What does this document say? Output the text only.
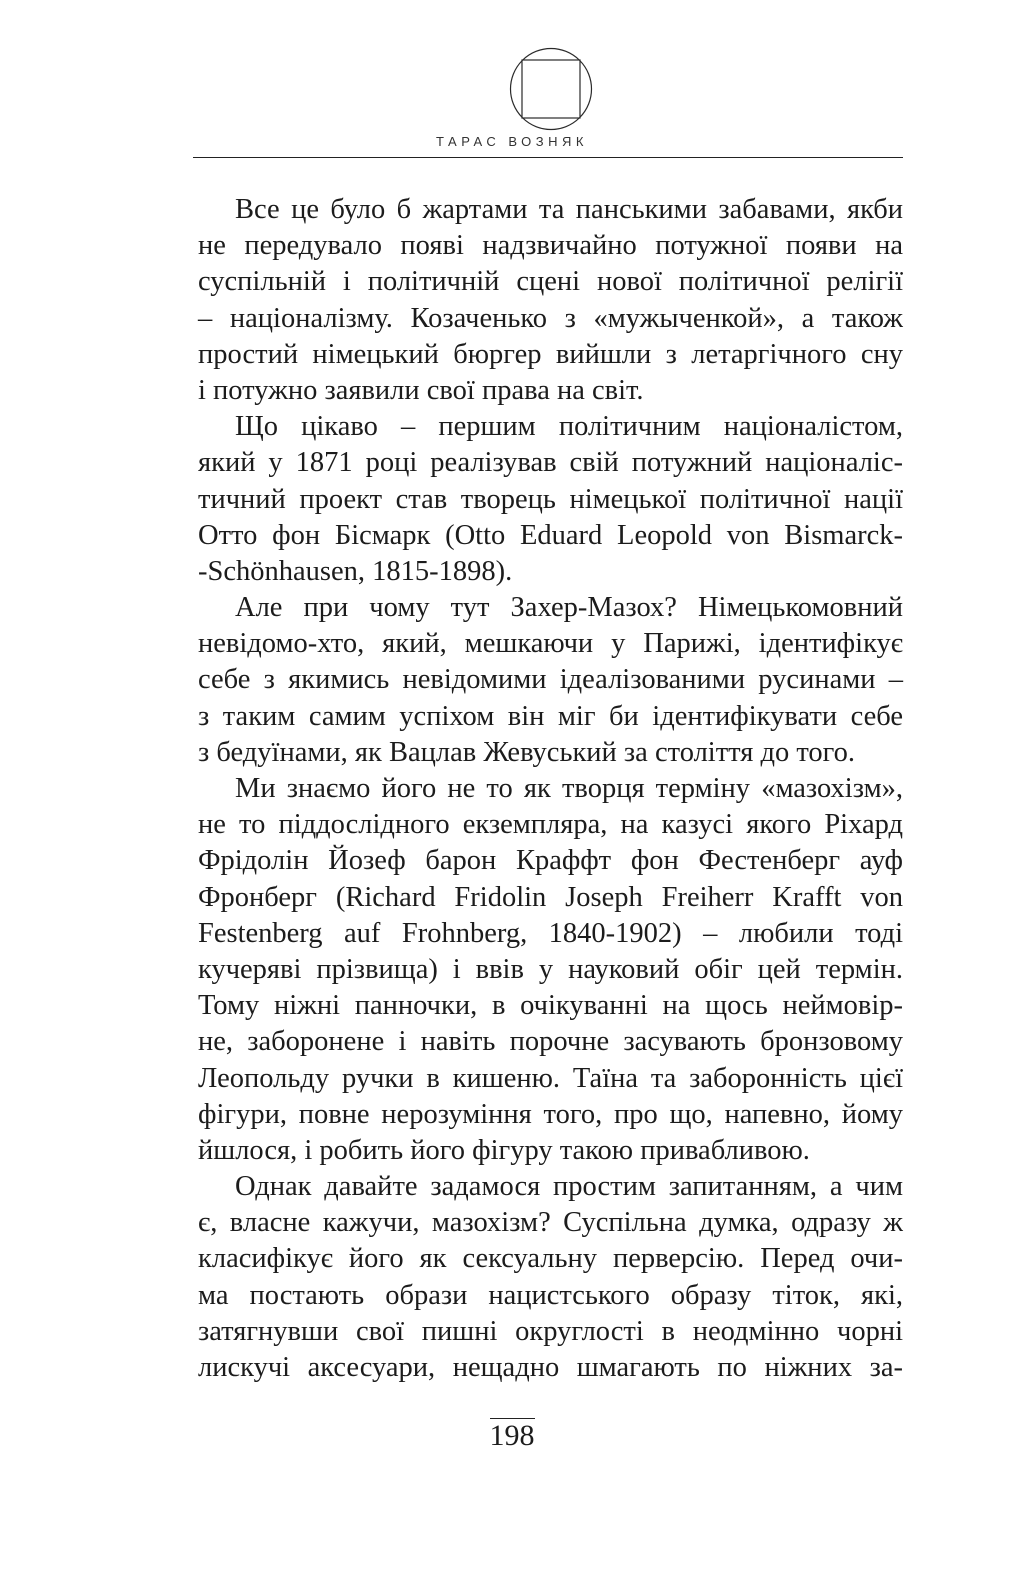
ТАРАС ВОЗНЯК
Все це було б жартами та панськими забавами, якби
не передувало появі надзвичайно потужної появи на
суспільній і політичній сцені нової політичної релігії
– націоналізму. Козаченько з «мужыченкой», а також
простий німецький бюргер вийшли з летаргічного сну
і потужно заявили свої права на світ.
Що цікаво – першим політичним націоналістом,
який у 1871 році реалізував свій потужний націоналіс-
тичний проект став творець німецької політичної нації
Отто фон Бісмарк (Otto Eduard Leopold von Bismarck-
-Schönhausen, 1815-1898).
Але при чому тут Захер-Мазох? Німецькомовний
невідомо-хто, який, мешкаючи у Парижі, ідентифікує
себе з якимись невідомими ідеалізованими русинами –
з таким самим успіхом він міг би ідентифікувати себе
з бедуїнами, як Вацлав Жевуський за століття до того.
Ми знаємо його не то як творця терміну «мазохізм»,
не то піддослідного екземпляра, на казусі якого Ріхард
Фрідолін Йозеф барон Краффт фон Фестенберг ауф
Фронберг (Richard Fridolin Joseph Freiherr Krafft von
Festenberg auf Frohnberg, 1840-1902) – любили тоді
кучеряві прізвища) і ввів у науковий обіг цей термін.
Тому ніжні панночки, в очікуванні на щось неймовір-
не, заборонене і навіть порочне засувають бронзовому
Леопольду ручки в кишеню. Таїна та заборонність цієї
фігури, повне нерозуміння того, про що, напевно, йому
йшлося, і робить його фігуру такою привабливою.
Однак давайте задамося простим запитанням, а чим
є, власне кажучи, мазохізм? Суспільна думка, одразу ж
класифікує його як сексуальну перверсію. Перед очи-
ма постають образи нацистського образу тіток, які,
затягнувши свої пишні округлості в неодмінно чорні
лискучі аксесуари, нещадно шмагають по ніжних за-
198
